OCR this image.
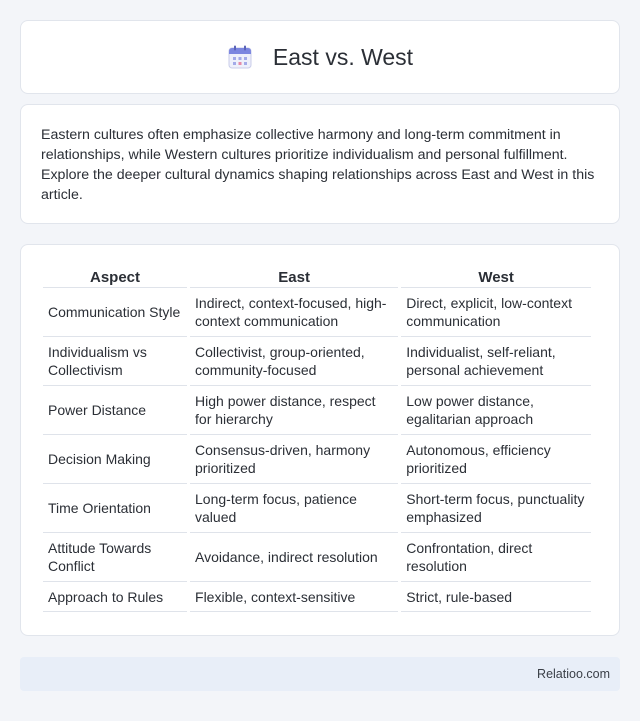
East vs. West

Eastern cultures often emphasize collective harmony and long-term commitment in relationships, while Western cultures prioritize individualism and personal fulfillment. Explore the deeper cultural dynamics shaping relationships across East and West in this article.

Aspect	East	West
Communication Style	Indirect, context-focused, high-context communication	Direct, explicit, low-context communication
Individualism vs Collectivism	Collectivist, group-oriented, community-focused	Individualist, self-reliant, personal achievement
Power Distance	High power distance, respect for hierarchy	Low power distance, egalitarian approach
Decision Making	Consensus-driven, harmony prioritized	Autonomous, efficiency prioritized
Time Orientation	Long-term focus, patience valued	Short-term focus, punctuality emphasized
Attitude Towards Conflict	Avoidance, indirect resolution	Confrontation, direct resolution
Approach to Rules	Flexible, context-sensitive	Strict, rule-based
Relatioo.com
